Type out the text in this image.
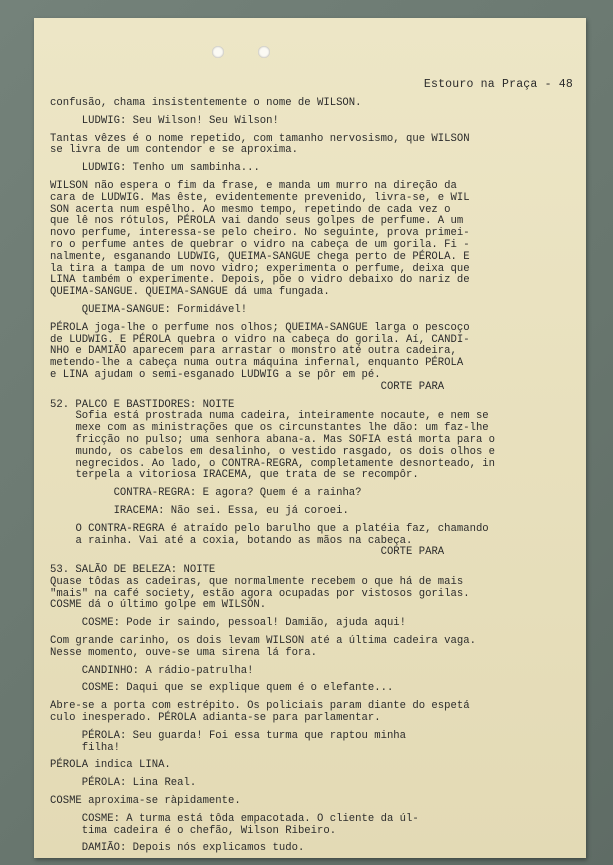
Estouro na Praça - 48

confusão, chama insistentemente o nome de WILSON.

LUDWIG: Seu Wilson! Seu Wilson!

Tantas vêzes é o nome repetido, com tamanho nervosismo, que WILSON

se livra de um contendor e se aproxima.

LUDWIG: Tenho um sambinha...

WILSON não espera o fim da frase, e manda um murro na direção da

cara de LUDWIG. Mas êste, evidentemente prevenido, livra-se, e WIL

SON acerta num espêlho. Ao mesmo tempo, repetindo de cada vez o

que lê nos rótulos, PÉROLA vai dando seus golpes de perfume. A um

novo perfume, interessa-se pelo cheiro. No seguinte, prova primei-

ro o perfume antes de quebrar o vidro na cabeça de um gorila. Fi -

nalmente, esganando LUDWIG, QUEIMA-SANGUE chega perto de PÉROLA. E

la tira a tampa de um novo vidro; experimenta o perfume, deixa que

LINA também o experimente. Depois, põe o vidro debaixo do nariz de

QUEIMA-SANGUE. QUEIMA-SANGUE dá uma fungada.

QUEIMA-SANGUE: Formidável!

PÉROLA joga-lhe o perfume nos olhos; QUEIMA-SANGUE larga o pescoço

de LUDWIG. E PÉROLA quebra o vidro na cabeça do gorila. Aí, CANDI-

NHO e DAMIÃO aparecem para arrastar o monstro até outra cadeira,

metendo-lhe a cabeça numa outra máquina infernal, enquanto PÉROLA

e LINA ajudam o semi-esganado LUDWIG a se pôr em pé.

CORTE PARA

52. PALCO E BASTIDORES: NOITE

Sofia está prostrada numa cadeira, inteiramente nocaute, e nem se

mexe com as ministrações que os circunstantes lhe dão: um faz-lhe

fricção no pulso; uma senhora abana-a. Mas SOFIA está morta para o

mundo, os cabelos em desalinho, o vestido rasgado, os dois olhos e

negrecidos. Ao lado, o CONTRA-REGRA, completamente desnorteado, in

terpela a vitoriosa IRACEMA, que trata de se recompôr.

CONTRA-REGRA: E agora? Quem é a rainha?

IRACEMA: Não sei. Essa, eu já coroei.

O CONTRA-REGRA é atraído pelo barulho que a platéia faz, chamando

a rainha. Vai até a coxia, botando as mãos na cabeça.

CORTE PARA

53. SALÃO DE BELEZA: NOITE

Quase tôdas as cadeiras, que normalmente recebem o que há de mais

"mais" na café society, estão agora ocupadas por vistosos gorilas.

COSME dá o último golpe em WILSON.

COSME: Pode ir saindo, pessoal! Damião, ajuda aqui!

Com grande carinho, os dois levam WILSON até a última cadeira vaga.

Nesse momento, ouve-se uma sirena lá fora.

CANDINHO: A rádio-patrulha!

COSME: Daqui que se explique quem é o elefante...

Abre-se a porta com estrépito. Os policiais param diante do espetá

culo inesperado. PÉROLA adianta-se para parlamentar.

PÉROLA: Seu guarda! Foi essa turma que raptou minha

filha!

PÉROLA indica LINA.

PÉROLA: Lina Real.

COSME aproxima-se ràpidamente.

COSME: A turma está tôda empacotada. O cliente da úl-

tima cadeira é o chefão, Wilson Ribeiro.

DAMIÃO: Depois nós explicamos tudo.
